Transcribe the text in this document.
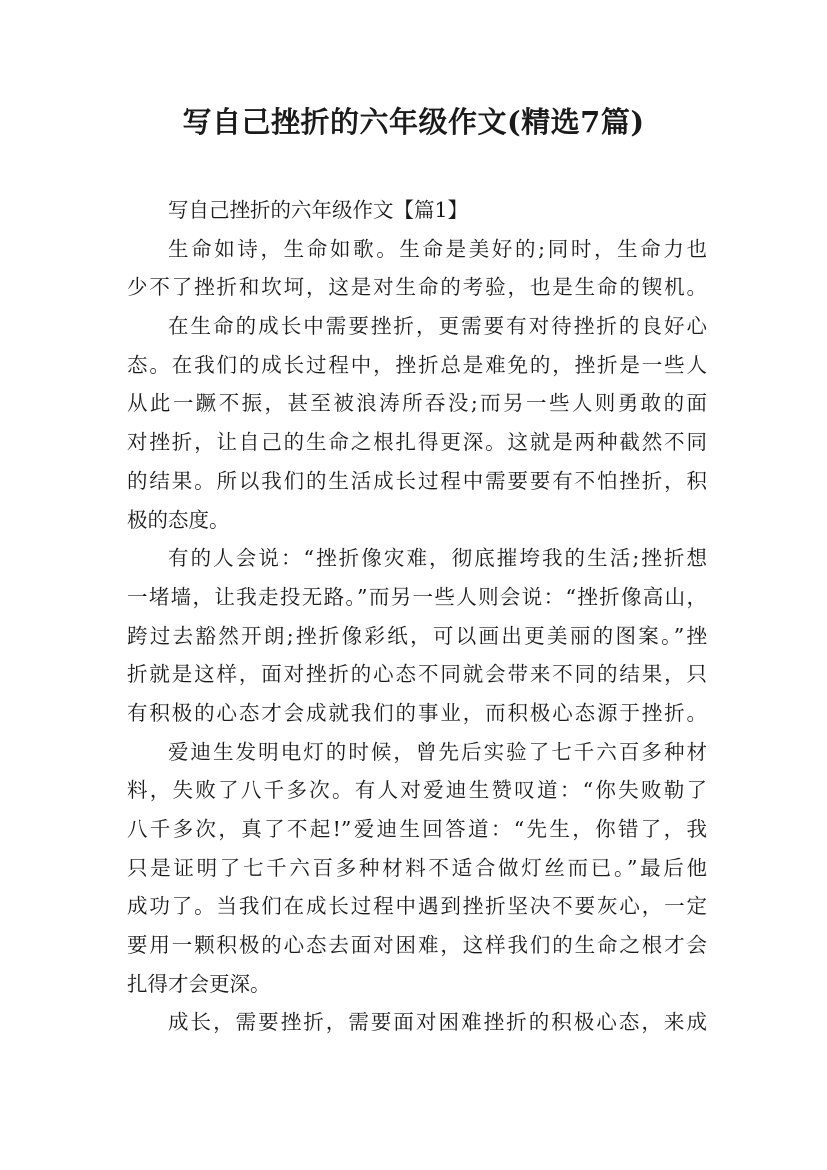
写自己挫折的六年级作文(精选7篇)
写自己挫折的六年级作文【篇1】
生命如诗，生命如歌。生命是美好的;同时，生命力也
少不了挫折和坎坷，这是对生命的考验，也是生命的锲机。
在生命的成长中需要挫折，更需要有对待挫折的良好心
态。在我们的成长过程中，挫折总是难免的，挫折是一些人
从此一蹶不振，甚至被浪涛所吞没;而另一些人则勇敢的面
对挫折，让自己的生命之根扎得更深。这就是两种截然不同
的结果。所以我们的生活成长过程中需要要有不怕挫折，积
极的态度。
有的人会说：“挫折像灾难，彻底摧垮我的生活;挫折想
一堵墙，让我走投无路。”而另一些人则会说：“挫折像高山，
跨过去豁然开朗;挫折像彩纸，可以画出更美丽的图案。”挫
折就是这样，面对挫折的心态不同就会带来不同的结果，只
有积极的心态才会成就我们的事业，而积极心态源于挫折。
爱迪生发明电灯的时候，曾先后实验了七千六百多种材
料，失败了八千多次。有人对爱迪生赞叹道：“你失败勒了
八千多次，真了不起!”爱迪生回答道：“先生，你错了，我
只是证明了七千六百多种材料不适合做灯丝而已。”最后他
成功了。当我们在成长过程中遇到挫折坚决不要灰心，一定
要用一颗积极的心态去面对困难，这样我们的生命之根才会
扎得才会更深。
成长，需要挫折，需要面对困难挫折的积极心态，来成
